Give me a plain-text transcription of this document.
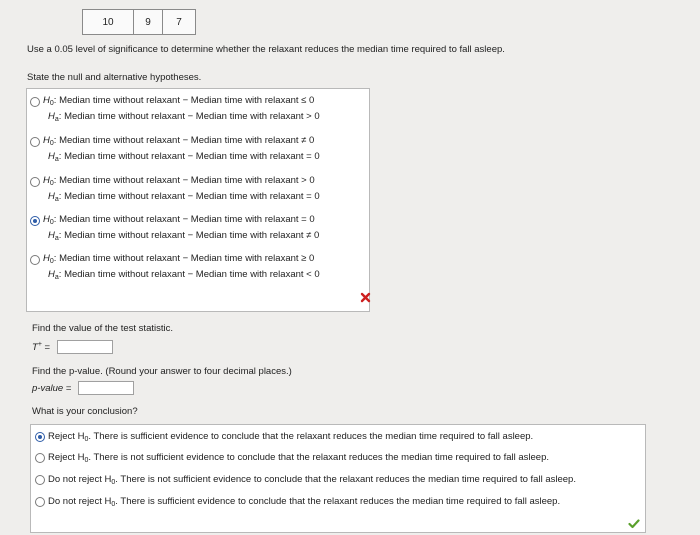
10	9	7
Use a 0.05 level of significance to determine whether the relaxant reduces the median time required to fall asleep.
State the null and alternative hypotheses.
$H_0$: Median time without relaxant − Median time with relaxant ≤ 0
$H_a$: Median time without relaxant − Median time with relaxant > 0
$H_0$: Median time without relaxant − Median time with relaxant ≠ 0
$H_a$: Median time without relaxant − Median time with relaxant = 0
$H_0$: Median time without relaxant − Median time with relaxant > 0
$H_a$: Median time without relaxant − Median time with relaxant = 0
$H_0$: Median time without relaxant − Median time with relaxant = 0
$H_a$: Median time without relaxant − Median time with relaxant ≠ 0
$H_0$: Median time without relaxant − Median time with relaxant ≥ 0
$H_a$: Median time without relaxant − Median time with relaxant < 0
Find the value of the test statistic.
T+ =
Find the p-value. (Round your answer to four decimal places.)
p-value =
What is your conclusion?
Reject $H_0$. There is sufficient evidence to conclude that the relaxant reduces the median time required to fall asleep.
Reject $H_0$. There is not sufficient evidence to conclude that the relaxant reduces the median time required to fall asleep.
Do not reject $H_0$. There is not sufficient evidence to conclude that the relaxant reduces the median time required to fall asleep.
Do not reject $H_0$. There is sufficient evidence to conclude that the relaxant reduces the median time required to fall asleep.
